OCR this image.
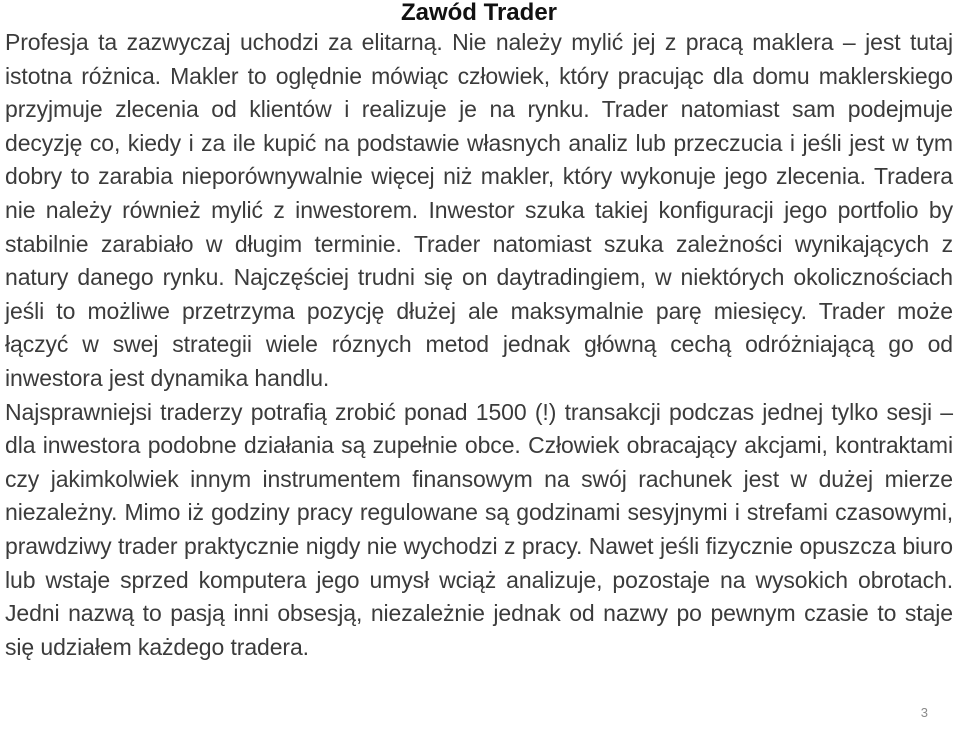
Zawód Trader

Profesja ta zazwyczaj uchodzi za elitarną. Nie należy mylić jej z pracą maklera – jest tutaj istotna różnica. Makler to oględnie mówiąc człowiek, który pracując dla domu maklerskiego przyjmuje zlecenia od klientów i realizuje je na rynku. Trader natomiast sam podejmuje decyzję co, kiedy i za ile kupić na podstawie własnych analiz lub przeczucia i jeśli jest w tym dobry to zarabia nieporównywalnie więcej niż makler, który wykonuje jego zlecenia. Tradera nie należy również mylić z inwestorem. Inwestor szuka takiej konfiguracji jego portfolio by stabilnie zarabiało w długim terminie. Trader natomiast szuka zależności wynikających z natury danego rynku. Najczęściej trudni się on daytradingiem, w niektórych okolicznościach jeśli to możliwe przetrzyma pozycję dłużej ale maksymalnie parę miesięcy. Trader może łączyć w swej strategii wiele róznych metod jednak główną cechą odróżniającą go od inwestora jest dynamika handlu.

Najsprawniejsi traderzy potrafią zrobić ponad 1500 (!) transakcji podczas jednej tylko sesji – dla inwestora podobne działania są zupełnie obce. Człowiek obracający akcjami, kontraktami czy jakimkolwiek innym instrumentem finansowym na swój rachunek jest w dużej mierze niezależny. Mimo iż godziny pracy regulowane są godzinami sesyjnymi i strefami czasowymi, prawdziwy trader praktycznie nigdy nie wychodzi z pracy. Nawet jeśli fizycznie opuszcza biuro lub wstaje sprzed komputera jego umysł wciąż analizuje, pozostaje na wysokich obrotach. Jedni nazwą to pasją inni obsesją, niezależnie jednak od nazwy po pewnym czasie to staje się udziałem każdego tradera.

3
